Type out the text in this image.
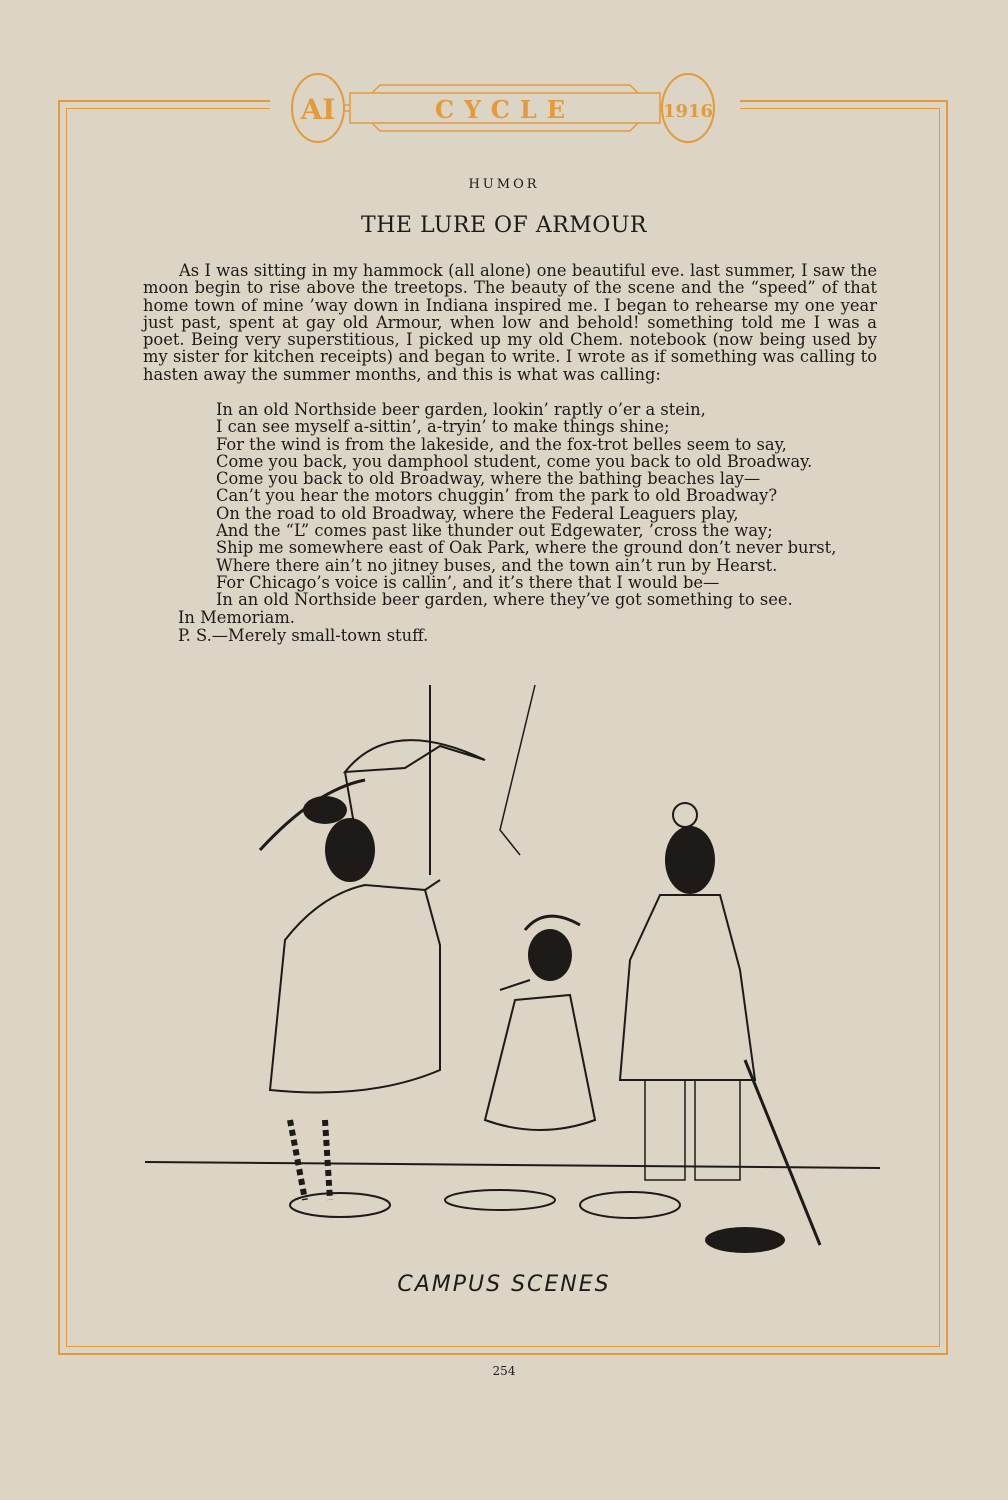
AI	CYCLE	1916
HUMOR
THE LURE OF ARMOUR

As I was sitting in my hammock (all alone) one beautiful eve. last summer, I saw the moon begin to rise above the treetops. The beauty of the scene and the “speed” of that home town of mine ’way down in Indiana inspired me. I began to rehearse my one year just past, spent at gay old Armour, when low and behold! something told me I was a poet. Being very superstitious, I picked up my old Chem. notebook (now being used by my sister for kitchen receipts) and began to write. I wrote as if something was calling to hasten away the summer months, and this is what was calling:

In an old Northside beer garden, lookin’ raptly o’er a stein,
I can see myself a-sittin’, a-tryin’ to make things shine;
For the wind is from the lakeside, and the fox-trot belles seem to say,
Come you back, you damphool student, come you back to old Broadway.
Come you back to old Broadway, where the bathing beaches lay—
Can’t you hear the motors chuggin’ from the park to old Broadway?
On the road to old Broadway, where the Federal Leaguers play,
And the “L” comes past like thunder out Edgewater, ’cross the way;
Ship me somewhere east of Oak Park, where the ground don’t never burst,
Where there ain’t no jitney buses, and the town ain’t run by Hearst.
For Chicago’s voice is callin’, and it’s there that I would be—
In an old Northside beer garden, where they’ve got something to see.

In Memoriam.

P. S.—Merely small-town stuff.

CAMPUS SCENES
254
